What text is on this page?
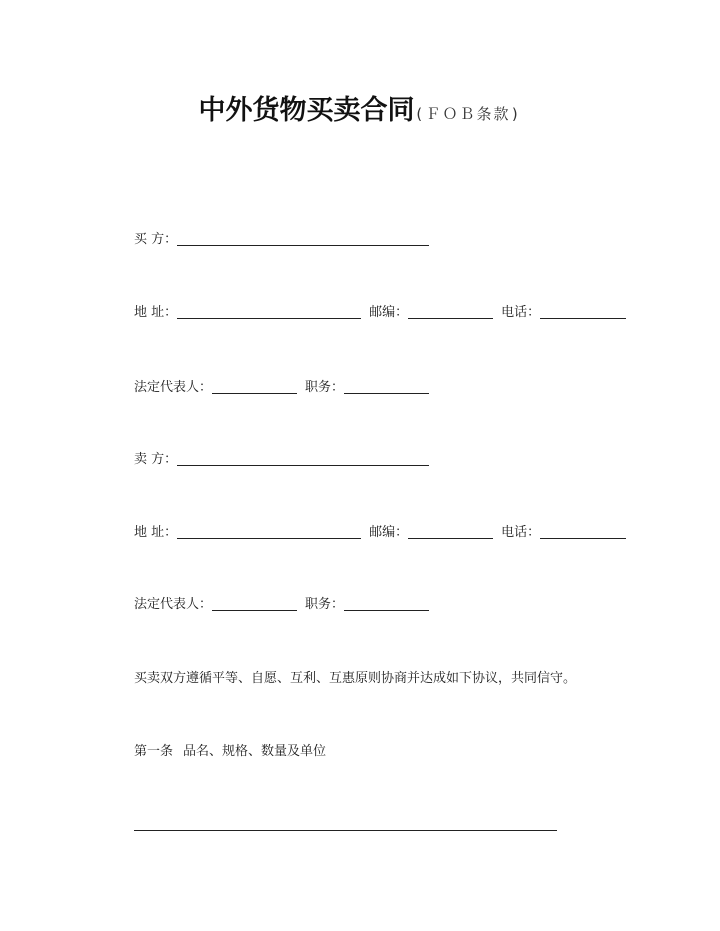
中外货物买卖合同(ＦＯＢ条款)
买 方：
地 址：	邮编：	电话：
法定代表人：	职务：
卖 方：
地 址：	邮编：	电话：
法定代表人：	职务：
买卖双方遵循平等、自愿、互利、互惠原则协商并达成如下协议，共同信守。
第一条 品名、规格、数量及单位
